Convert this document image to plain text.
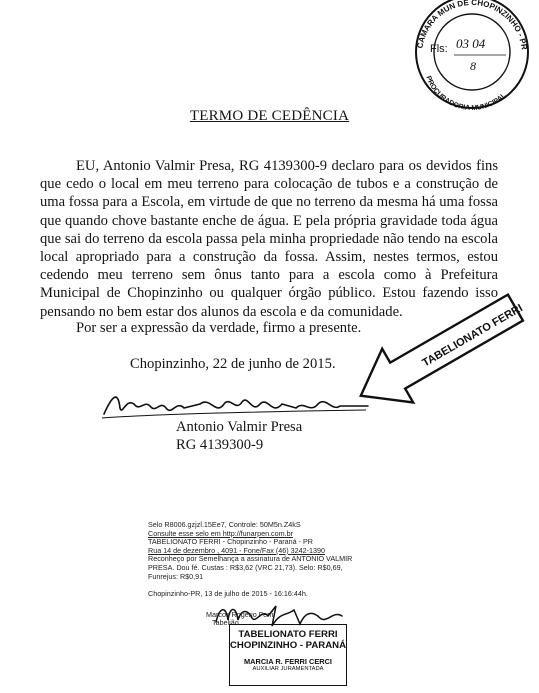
CAMARA MUN DE CHOPINZINHO - PR
PROCURADORIA MUNICIPAL
Fls: 03 04
8
TERMO DE CEDÊNCIA

EU, Antonio Valmir Presa, RG 4139300-9 declaro para os devidos fins que cedo o local em meu terreno para colocação de tubos e a construção de uma fossa para a Escola, em virtude de que no terreno da mesma há uma fossa que quando chove bastante enche de água. E pela própria gravidade toda água que sai do terreno da escola passa pela minha propriedade não tendo na escola local apropriado para a construção da fossa. Assim, nestes termos, estou cedendo meu terreno sem ônus tanto para a escola como à Prefeitura Municipal de Chopinzinho ou qualquer órgão público. Estou fazendo isso pensando no bem estar dos alunos da escola e da comunidade.

Por ser a expressão da verdade, firmo a presente.
Chopinzinho, 22 de junho de 2015.	TABELIONATO FERRI
Antonio Valmir Presa
RG 4139300-9
Selo R8006.gzjzl.15Ee7, Controle: 50M5n.Z4kS
Consulte esse selo em http://funarpen.com.br
TABELIONATO FERRI - Chopinzinho - Paraná - PR
Rua 14 de dezembro , 4091 - Fone/Fax (46) 3242-1390
Reconheço por Semelhança a assinatura de ANTONIO VALMIR
PRESA. Dou fé. Custas : R$3,62 (VRC 21,73). Selo: R$0,69,
Funrejus: R$0,91
Chopinzinho-PR, 13 de julho de 2015 - 16:16:44h.
Marcos Rogerio Ferri
Tabelião
TABELIONATO FERRI
CHOPINZINHO - PARANÁ
MARCIA R. FERRI CERCI
AUXILIAR JURAMENTADA
